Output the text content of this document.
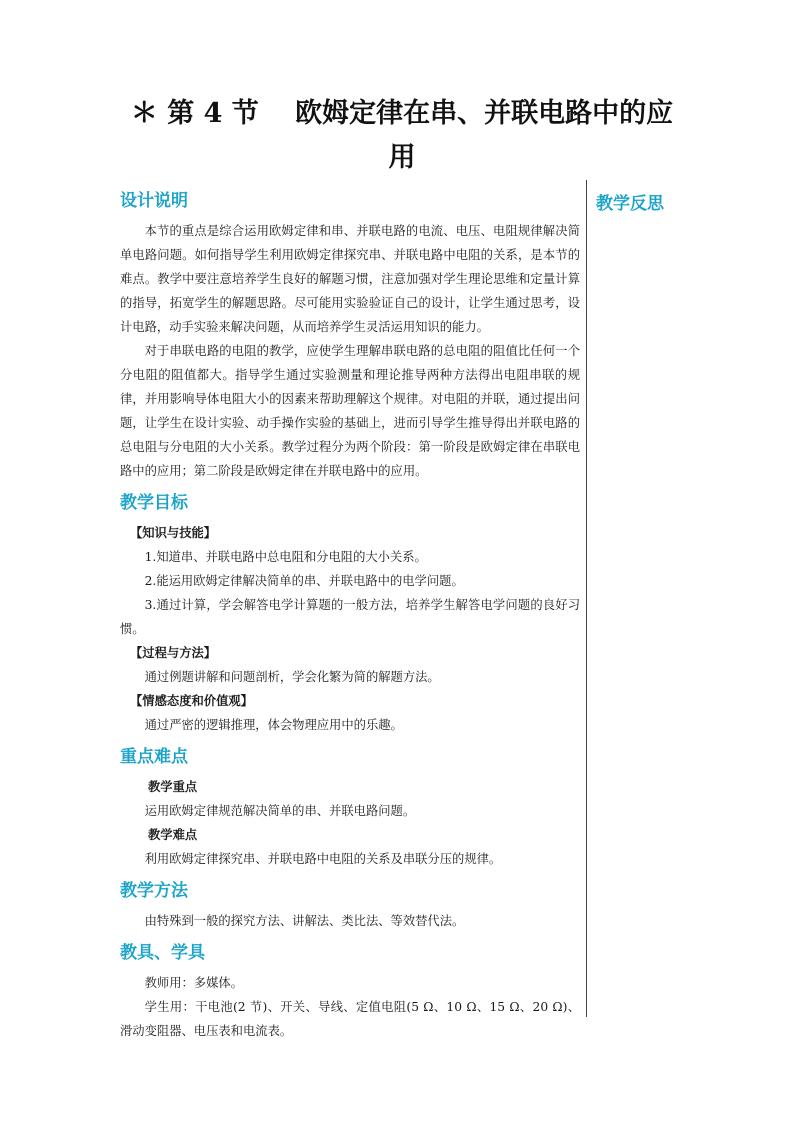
＊ 第 4 节　 欧姆定律在串、并联电路中的应
用
教学反思
设计说明

本节的重点是综合运用欧姆定律和串、并联电路的电流、电压、电阻规律解决简单电路问题。如何指导学生利用欧姆定律探究串、并联电路中电阻的关系，是本节的难点。教学中要注意培养学生良好的解题习惯，注意加强对学生理论思维和定量计算的指导，拓宽学生的解题思路。尽可能用实验验证自己的设计，让学生通过思考，设计电路，动手实验来解决问题，从而培养学生灵活运用知识的能力。

对于串联电路的电阻的教学，应使学生理解串联电路的总电阻的阻值比任何一个分电阻的阻值都大。指导学生通过实验测量和理论推导两种方法得出电阻串联的规律，并用影响导体电阻大小的因素来帮助理解这个规律。对电阻的并联，通过提出问题，让学生在设计实验、动手操作实验的基础上，进而引导学生推导得出并联电路的总电阻与分电阻的大小关系。教学过程分为两个阶段：第一阶段是欧姆定律在串联电路中的应用；第二阶段是欧姆定律在并联电路中的应用。

教学目标

【知识与技能】

1.知道串、并联电路中总电阻和分电阻的大小关系。

2.能运用欧姆定律解决简单的串、并联电路中的电学问题。

3.通过计算，学会解答电学计算题的一般方法，培养学生解答电学问题的良好习惯。

【过程与方法】

通过例题讲解和问题剖析，学会化繁为简的解题方法。

【情感态度和价值观】

通过严密的逻辑推理，体会物理应用中的乐趣。

重点难点

教学重点

运用欧姆定律规范解决简单的串、并联电路问题。

教学难点

利用欧姆定律探究串、并联电路中电阻的关系及串联分压的规律。

教学方法

由特殊到一般的探究方法、讲解法、类比法、等效替代法。

教具、学具

教师用：多媒体。

学生用：干电池(2 节)、开关、导线、定值电阻(5 Ω、10 Ω、15 Ω、20 Ω)、滑动变阻器、电压表和电流表。
